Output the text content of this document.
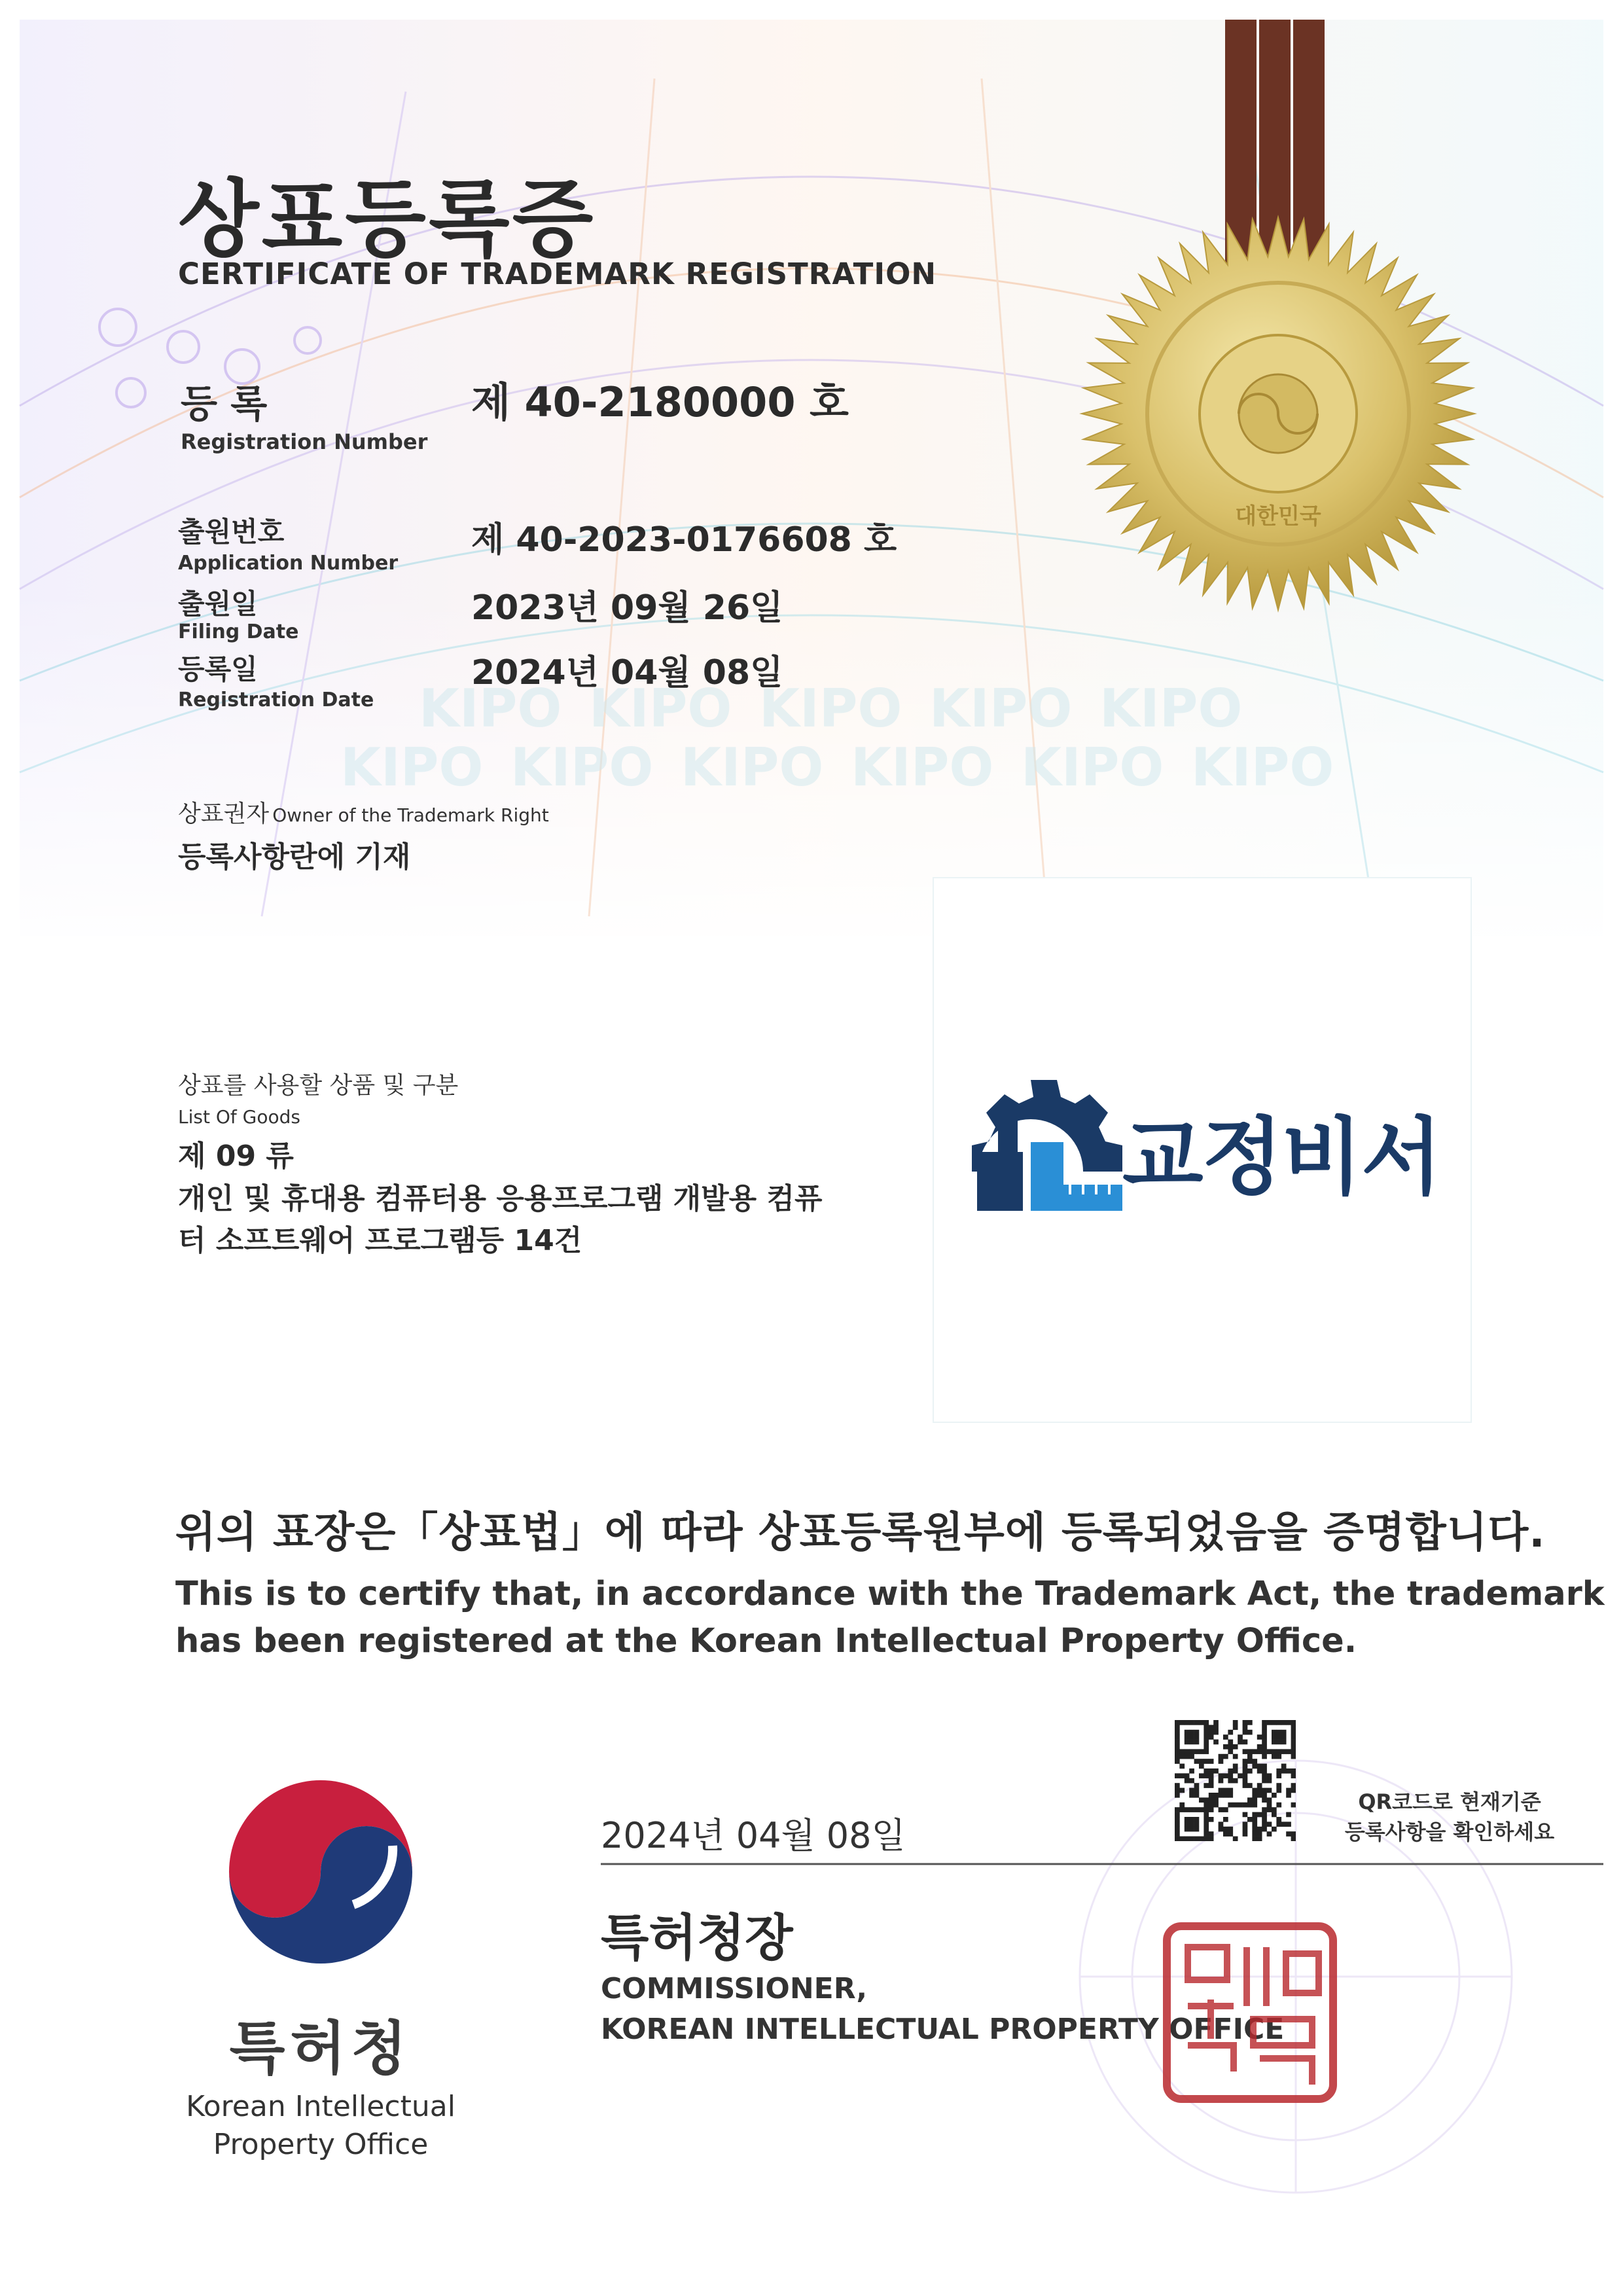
KIPO KIPO KIPO KIPO KIPO
KIPO KIPO KIPO KIPO KIPO KIPO
대한민국
상표등록증
CERTIFICATE OF TRADEMARK REGISTRATION
등 록
Registration Number
제 40-2180000 호
출원번호
Application Number
제 40-2023-0176608 호
출원일
Filing Date
2023년 09월 26일
등록일
Registration Date
2024년 04월 08일
상표권자 Owner of the Trademark Right
등록사항란에 기재
상표를 사용할 상품 및 구분
List Of Goods
제 09 류
개인 및 휴대용 컴퓨터용 응용프로그램 개발용 컴퓨
터 소프트웨어 프로그램등 14건
교정비서
위의 표장은「상표법」에 따라 상표등록원부에 등록되었음을 증명합니다.
This is to certify that, in accordance with the Trademark Act, the trademark
has been registered at the Korean Intellectual Property Office.
QR코드로 현재기준
등록사항을 확인하세요
2024년 04월 08일
특허청장
COMMISSIONER,
KOREAN INTELLECTUAL PROPERTY OFFICE
특허청
Korean Intellectual
Property Office
